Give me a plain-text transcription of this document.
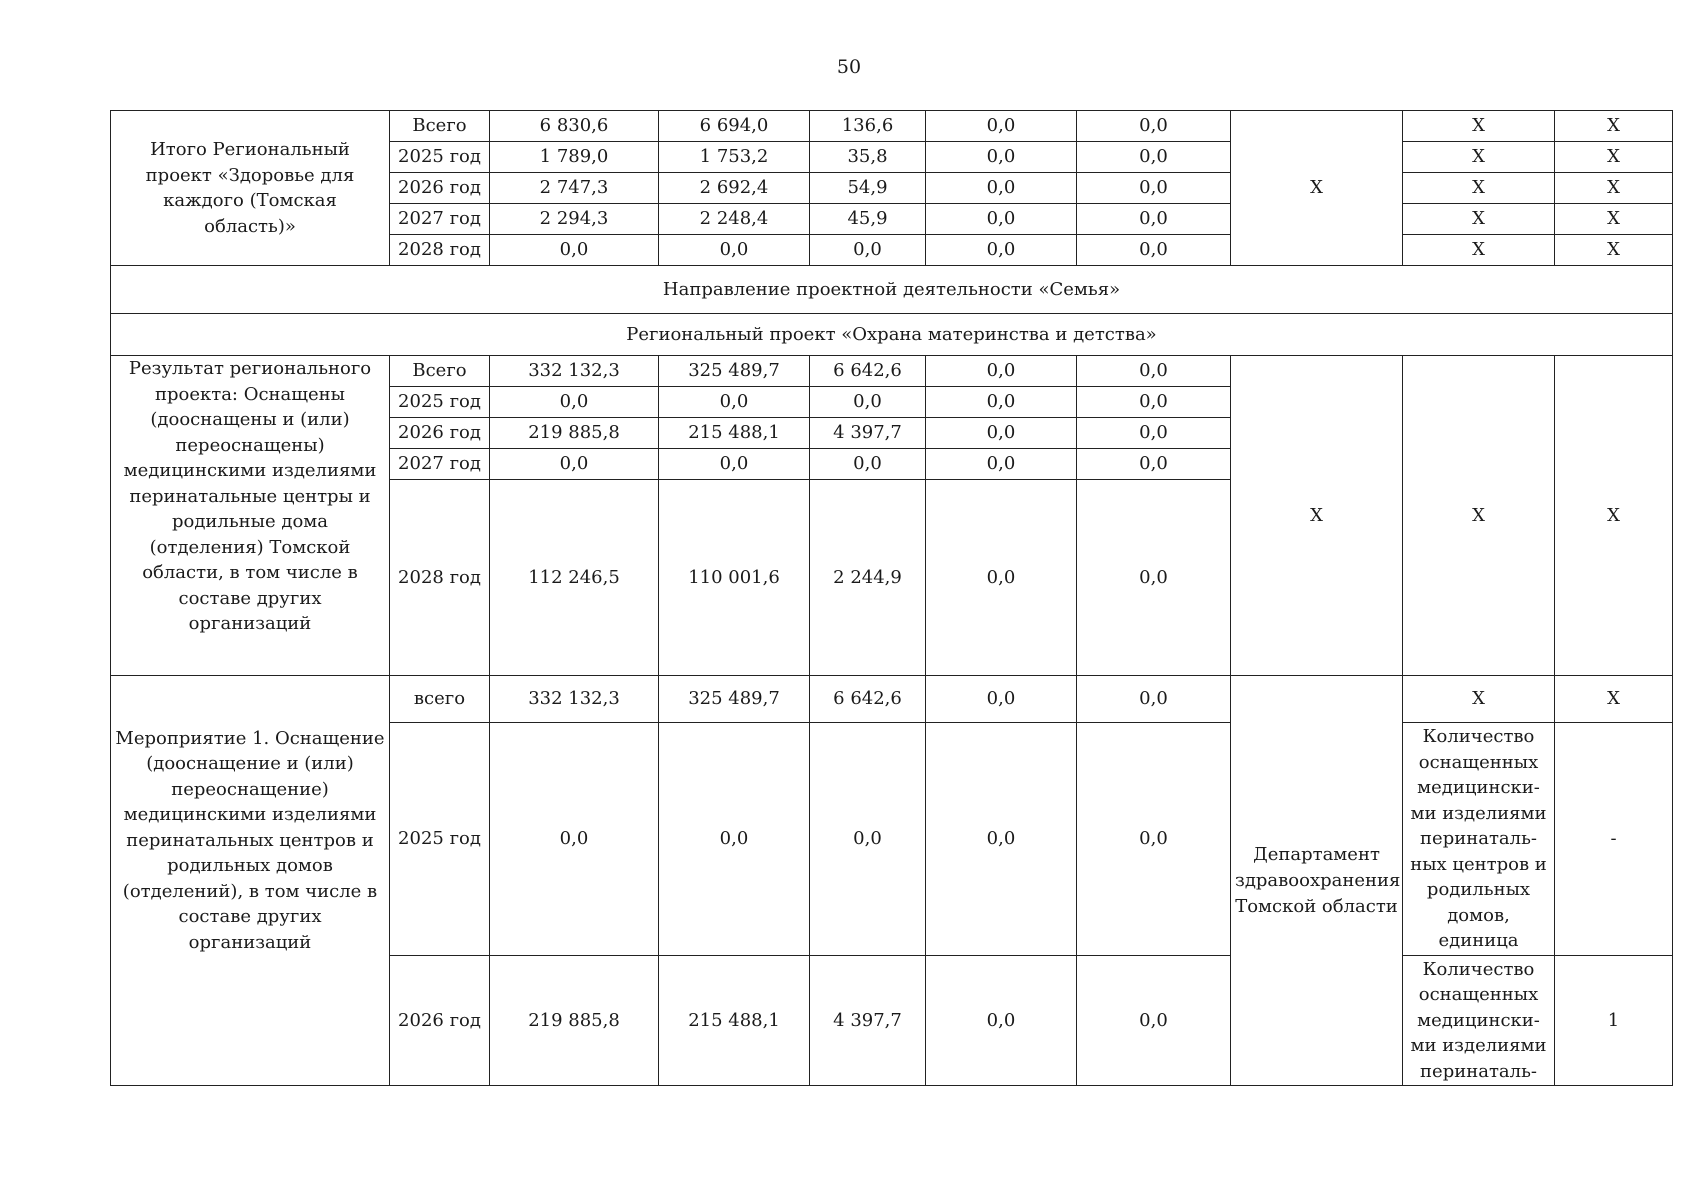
50
Итого Региональный проект «Здоровье для каждого (Томская область)»	Всего	6 830,6	6 694,0	136,6	0,0	0,0	Х	Х	Х
	2025 год	1 789,0	1 753,2	35,8	0,0	0,0		Х	Х
	2026 год	2 747,3	2 692,4	54,9	0,0	0,0		Х	Х
	2027 год	2 294,3	2 248,4	45,9	0,0	0,0		Х	Х
	2028 год	0,0	0,0	0,0	0,0	0,0		Х	Х
Направление проектной деятельности «Семья»									
Региональный проект «Охрана материнства и детства»									
Результат регионального проекта: Оснащены (дооснащены и (или) переоснащены) медицинскими изделиями перинатальные центры и родильные дома (отделения) Томской области, в том числе в составе других организаций	Всего	332 132,3	325 489,7	6 642,6	0,0	0,0	Х	Х	Х
	2025 год	0,0	0,0	0,0	0,0	0,0			
	2026 год	219 885,8	215 488,1	4 397,7	0,0	0,0			
	2027 год	0,0	0,0	0,0	0,0	0,0			
	2028 год	112 246,5	110 001,6	2 244,9	0,0	0,0			
Мероприятие 1. Оснащение (дооснащение и (или) переоснащение) медицинскими изделиями перинатальных центров и родильных домов (отделений), в том числе в составе других организаций	всего	332 132,3	325 489,7	6 642,6	0,0	0,0	Департамент здравоохранения Томской области	Х	Х
	2025 год	0,0	0,0	0,0	0,0	0,0		Количество оснащенных медицински-ми изделиями перинаталь-ных центров и родильных домов, единица	-
	2026 год	219 885,8	215 488,1	4 397,7	0,0	0,0		Количество оснащенных медицински-ми изделиями перинаталь-	1
